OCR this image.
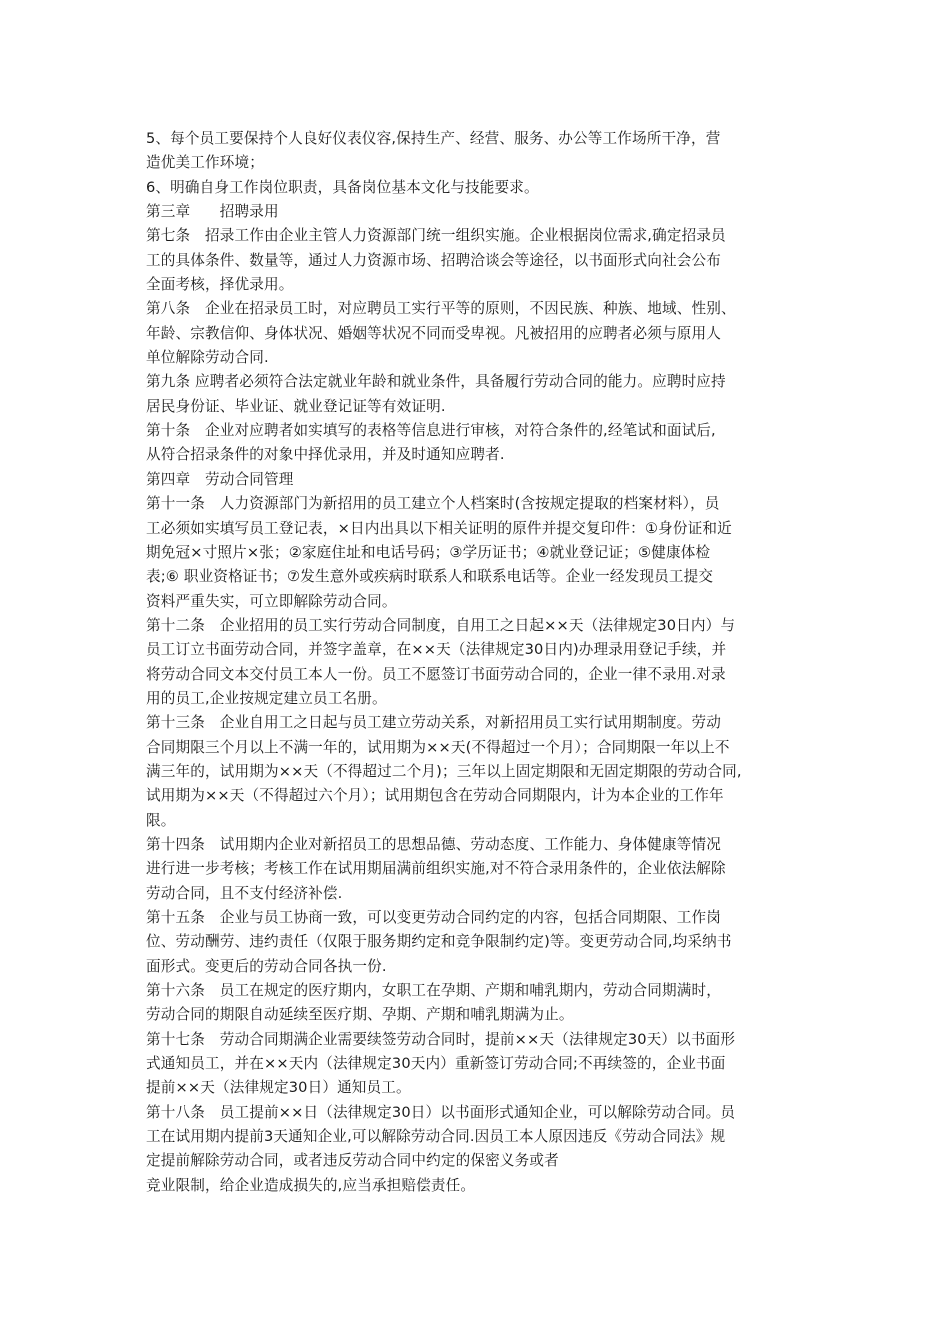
5、每个员工要保持个人良好仪表仪容,保持生产、经营、服务、办公等工作场所干净，营
造优美工作环境；
6、明确自身工作岗位职责，具备岗位基本文化与技能要求。
第三章　　招聘录用
第七条　招录工作由企业主管人力资源部门统一组织实施。企业根据岗位需求,确定招录员
工的具体条件、数量等，通过人力资源市场、招聘洽谈会等途径，以书面形式向社会公布
全面考核，择优录用。
第八条　企业在招录员工时，对应聘员工实行平等的原则，不因民族、种族、地域、性别、
年龄、宗教信仰、身体状况、婚姻等状况不同而受卑视。凡被招用的应聘者必须与原用人
单位解除劳动合同.
第九条 应聘者必须符合法定就业年龄和就业条件，具备履行劳动合同的能力。应聘时应持
居民身份证、毕业证、就业登记证等有效证明.
第十条　企业对应聘者如实填写的表格等信息进行审核，对符合条件的,经笔试和面试后,
从符合招录条件的对象中择优录用，并及时通知应聘者.
第四章　劳动合同管理
第十一条　人力资源部门为新招用的员工建立个人档案时(含按规定提取的档案材料），员
工必须如实填写员工登记表，×日内出具以下相关证明的原件并提交复印件：①身份证和近
期免冠×寸照片×张；②家庭住址和电话号码；③学历证书；④就业登记证；⑤健康体检
表;⑥ 职业资格证书；⑦发生意外或疾病时联系人和联系电话等。企业一经发现员工提交
资料严重失实，可立即解除劳动合同。
第十二条　企业招用的员工实行劳动合同制度，自用工之日起××天（法律规定30日内）与
员工订立书面劳动合同，并签字盖章，在××天（法律规定30日内)办理录用登记手续，并
将劳动合同文本交付员工本人一份。员工不愿签订书面劳动合同的，企业一律不录用.对录
用的员工,企业按规定建立员工名册。
第十三条　企业自用工之日起与员工建立劳动关系，对新招用员工实行试用期制度。劳动
合同期限三个月以上不满一年的，试用期为××天(不得超过一个月）；合同期限一年以上不
满三年的，试用期为××天（不得超过二个月)；三年以上固定期限和无固定期限的劳动合同,
试用期为××天（不得超过六个月）；试用期包含在劳动合同期限内，计为本企业的工作年
限。
第十四条　试用期内企业对新招员工的思想品德、劳动态度、工作能力、身体健康等情况
进行进一步考核；考核工作在试用期届满前组织实施,对不符合录用条件的，企业依法解除
劳动合同，且不支付经济补偿.
第十五条　企业与员工协商一致，可以变更劳动合同约定的内容，包括合同期限、工作岗
位、劳动酬劳、违约责任（仅限于服务期约定和竞争限制约定)等。变更劳动合同,均采纳书
面形式。变更后的劳动合同各执一份.
第十六条　员工在规定的医疗期内，女职工在孕期、产期和哺乳期内，劳动合同期满时，
劳动合同的期限自动延续至医疗期、孕期、产期和哺乳期满为止。
第十七条　劳动合同期满企业需要续签劳动合同时，提前××天（法律规定30天）以书面形
式通知员工，并在××天内（法律规定30天内）重新签订劳动合同;不再续签的，企业书面
提前××天（法律规定30日）通知员工。
第十八条　员工提前××日（法律规定30日）以书面形式通知企业，可以解除劳动合同。员
工在试用期内提前3天通知企业,可以解除劳动合同.因员工本人原因违反《劳动合同法》规
定提前解除劳动合同，或者违反劳动合同中约定的保密义务或者
竞业限制，给企业造成损失的,应当承担赔偿责任。
